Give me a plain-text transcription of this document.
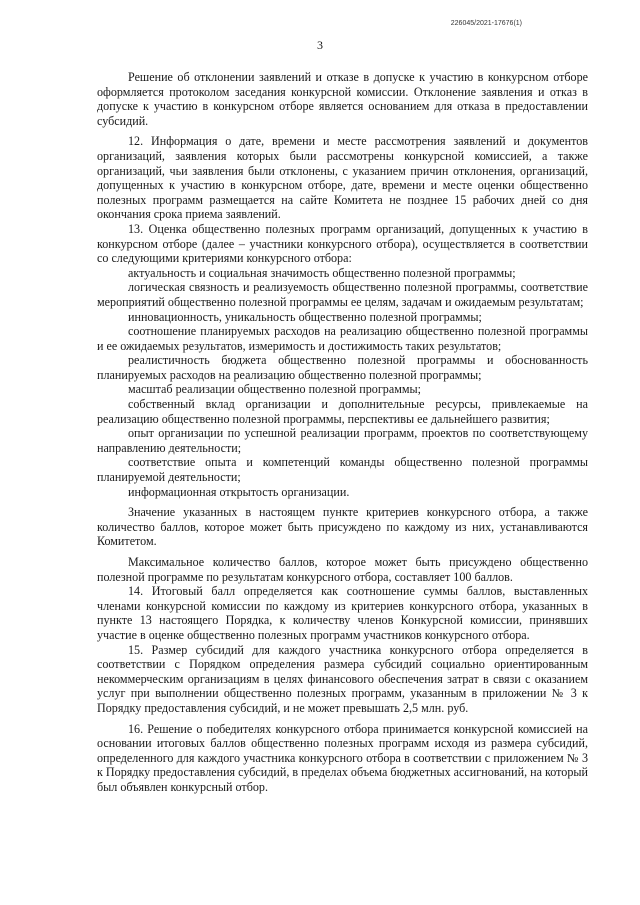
226045/2021-17676(1)
3

Решение об отклонении заявлений и отказе в допуске к участию в конкурсном отборе оформляется протоколом заседания конкурсной комиссии. Отклонение заявления и отказ в допуске к участию в конкурсном отборе является основанием для отказа в предоставлении субсидий.

12. Информация о дате, времени и месте рассмотрения заявлений и документов организаций, заявления которых были рассмотрены конкурсной комиссией, а также организаций, чьи заявления были отклонены, с указанием причин отклонения, организаций, допущенных к участию в конкурсном отборе, дате, времени и месте оценки общественно полезных программ размещается на сайте Комитета не позднее 15 рабочих дней со дня окончания срока приема заявлений.

13. Оценка общественно полезных программ организаций, допущенных к участию в конкурсном отборе (далее – участники конкурсного отбора), осуществляется в соответствии со следующими критериями конкурсного отбора:

актуальность и социальная значимость общественно полезной программы;

логическая связность и реализуемость общественно полезной программы, соответствие мероприятий общественно полезной программы ее целям, задачам и ожидаемым результатам;

инновационность, уникальность общественно полезной программы;

соотношение планируемых расходов на реализацию общественно полезной программы и ее ожидаемых результатов, измеримость и достижимость таких результатов;

реалистичность бюджета общественно полезной программы и обоснованность планируемых расходов на реализацию общественно полезной программы;

масштаб реализации общественно полезной программы;

собственный вклад организации и дополнительные ресурсы, привлекаемые на реализацию общественно полезной программы, перспективы ее дальнейшего развития;

опыт организации по успешной реализации программ, проектов по соответствующему направлению деятельности;

соответствие опыта и компетенций команды общественно полезной программы планируемой деятельности;

информационная открытость организации.

Значение указанных в настоящем пункте критериев конкурсного отбора, а также количество баллов, которое может быть присуждено по каждому из них, устанавливаются Комитетом.

Максимальное количество баллов, которое может быть присуждено общественно полезной программе по результатам конкурсного отбора, составляет 100 баллов.

14. Итоговый балл определяется как соотношение суммы баллов, выставленных членами конкурсной комиссии по каждому из критериев конкурсного отбора, указанных в пункте 13 настоящего Порядка, к количеству членов Конкурсной комиссии, принявших участие в оценке общественно полезных программ участников конкурсного отбора.

15. Размер субсидий для каждого участника конкурсного отбора определяется в соответствии с Порядком определения размера субсидий социально ориентированным некоммерческим организациям в целях финансового обеспечения затрат в связи с оказанием услуг при выполнении общественно полезных программ, указанным в приложении № 3 к Порядку предоставления субсидий, и не может превышать 2,5 млн. руб.

16. Решение о победителях конкурсного отбора принимается конкурсной комиссией на основании итоговых баллов общественно полезных программ исходя из размера субсидий, определенного для каждого участника конкурсного отбора в соответствии с приложением № 3 к Порядку предоставления субсидий, в пределах объема бюджетных ассигнований, на который был объявлен конкурсный отбор.
